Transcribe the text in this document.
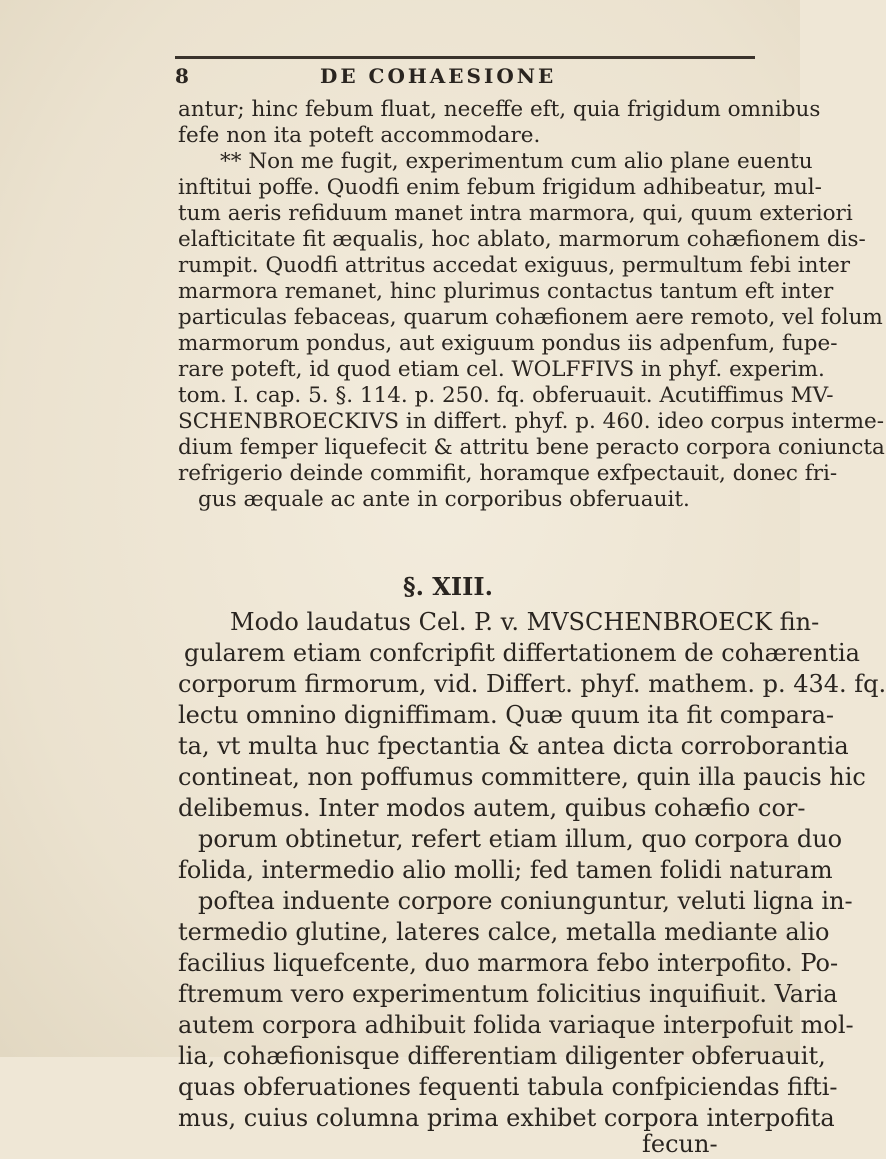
8	DE COHAESIONE
antur; hinc febum fluat, neceffe eft, quia frigidum omnibus
fefe non ita poteft accommodare.
** Non me fugit, experimentum cum alio plane euentu
inftitui poffe. Quodfi enim febum frigidum adhibeatur, mul-
tum aeris refiduum manet intra marmora, qui, quum exteriori
elafticitate fit æqualis, hoc ablato, marmorum cohæfionem dis-
rumpit. Quodfi attritus accedat exiguus, permultum febi inter
marmora remanet, hinc plurimus contactus tantum eft inter
particulas febaceas, quarum cohæfionem aere remoto, vel folum
marmorum pondus, aut exiguum pondus iis adpenfum, fupe-
rare poteft, id quod etiam cel. WOLFFIVS in phyf. experim.
tom. I. cap. 5. §. 114. p. 250. fq. obferuauit. Acutiffimus MV-
SCHENBROECKIVS in differt. phyf. p. 460. ideo corpus interme-
dium femper liquefecit & attritu bene peracto corpora coniuncta
refrigerio deinde commifit, horamque exfpectauit, donec fri-
gus æquale ac ante in corporibus obferuauit.
§. XIII.
Modo laudatus Cel. P. v. MVSCHENBROECK fin-
gularem etiam confcripfit differtationem de cohærentia
corporum firmorum, vid. Differt. phyf. mathem. p. 434. fq.
lectu omnino digniffimam. Quæ quum ita fit compara-
ta, vt multa huc fpectantia & antea dicta corroborantia
contineat, non poffumus committere, quin illa paucis hic
delibemus. Inter modos autem, quibus cohæfio cor-
porum obtinetur, refert etiam illum, quo corpora duo
folida, intermedio alio molli; fed tamen folidi naturam
poftea induente corpore coniunguntur, veluti ligna in-
termedio glutine, lateres calce, metalla mediante alio
facilius liquefcente, duo marmora febo interpofito. Po-
ftremum vero experimentum folicitius inquifiuit. Varia
autem corpora adhibuit folida variaque interpofuit mol-
lia, cohæfionisque differentiam diligenter obferuauit,
quas obferuationes fequenti tabula confpiciendas fifti-
mus, cuius columna prima exhibet corpora interpofita
fecun-
